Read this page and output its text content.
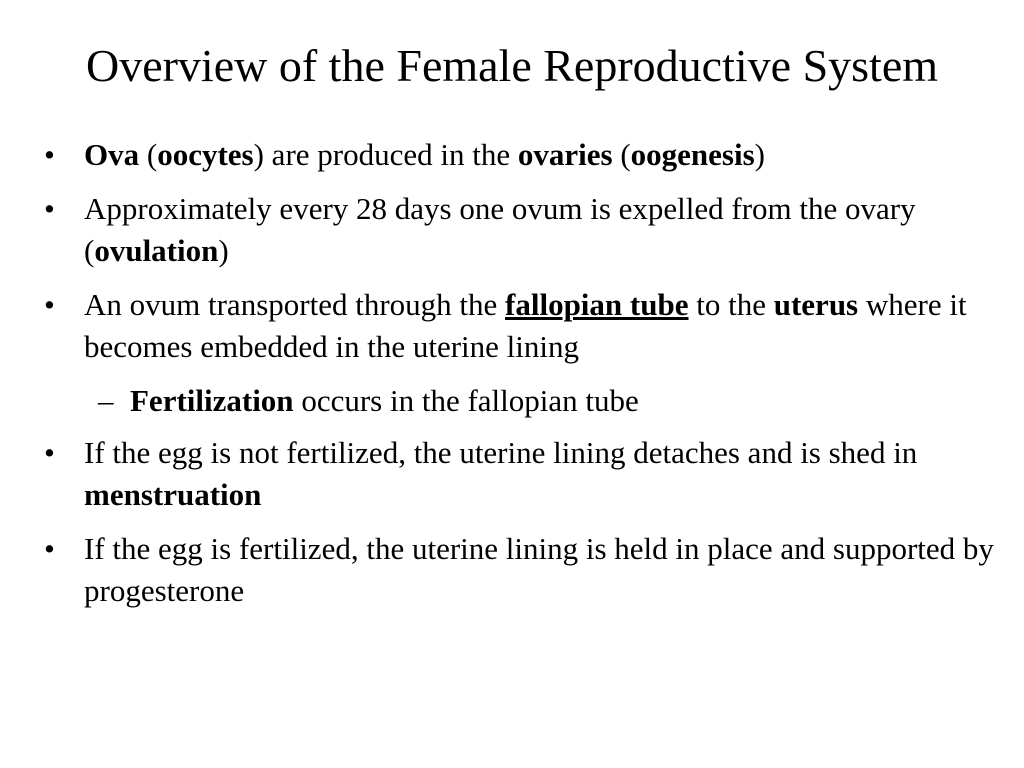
Overview of the Female Reproductive System
• Ova (oocytes) are produced in the ovaries (oogenesis)
• Approximately every 28 days one ovum is expelled from the ovary (ovulation)
• An ovum transported through the fallopian tube to the uterus where it becomes embedded in the uterine lining
– Fertilization occurs in the fallopian tube
• If the egg is not fertilized, the uterine lining detaches and is shed in menstruation
• If the egg is fertilized, the uterine lining is held in place and supported by progesterone
